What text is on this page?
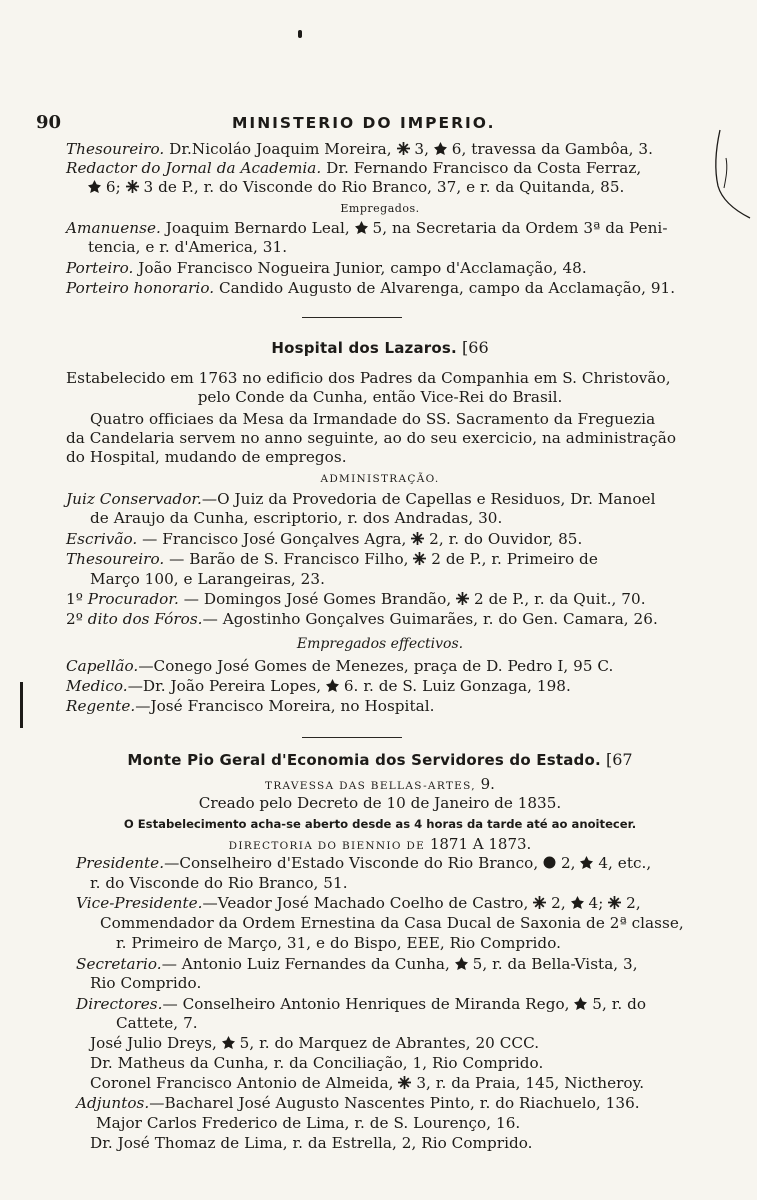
90	MINISTERIO DO IMPERIO.
Thesoureiro. Dr.Nicoláo Joaquim Moreira,  3,  6, travessa da Gambôa, 3.
Redactor do Jornal da Academia. Dr. Fernando Francisco da Costa Ferraz,
6;  3 de P., r. do Visconde do Rio Branco, 37, e r. da Quitanda, 85.
Empregados.
Amanuense. Joaquim Bernardo Leal,  5, na Secretaria da Ordem 3ª da Peni-
tencia, e r. d'America, 31.
Porteiro. João Francisco Nogueira Junior, campo d'Acclamação, 48.
Porteiro honorario. Candido Augusto de Alvarenga, campo da Acclamação, 91.
Hospital dos Lazaros. [66
Estabelecido em 1763 no edificio dos Padres da Companhia em S. Christovão,
pelo Conde da Cunha, então Vice-Rei do Brasil.
Quatro officiaes da Mesa da Irmandade do SS. Sacramento da Freguezia
da Candelaria servem no anno seguinte, ao do seu exercicio, na administração
do Hospital, mudando de empregos.
ADMINISTRAÇÃO.
Juiz Conservador.—O Juiz da Provedoria de Capellas e Residuos, Dr. Manoel
de Araujo da Cunha, escriptorio, r. dos Andradas, 30.
Escrivão. — Francisco José Gonçalves Agra,  2, r. do Ouvidor, 85.
Thesoureiro. — Barão de S. Francisco Filho,  2 de P., r. Primeiro de
Março 100, e Larangeiras, 23.
1º Procurador. — Domingos José Gomes Brandão,  2 de P., r. da Quit., 70.
2º dito dos Fóros.— Agostinho Gonçalves Guimarães, r. do Gen. Camara, 26.
Empregados effectivos.
Capellão.—Conego José Gomes de Menezes, praça de D. Pedro I, 95 C.
Medico.—Dr. João Pereira Lopes,  6. r. de S. Luiz Gonzaga, 198.
Regente.—José Francisco Moreira, no Hospital.
Monte Pio Geral d'Economia dos Servidores do Estado. [67
TRAVESSA DAS BELLAS-ARTES, 9.
Creado pelo Decreto de 10 de Janeiro de 1835.
O Estabelecimento acha-se aberto desde as 4 horas da tarde até ao anoitecer.
DIRECTORIA DO BIENNIO DE 1871 A 1873.
Presidente.—Conselheiro d'Estado Visconde do Rio Branco,  2,  4, etc.,
r. do Visconde do Rio Branco, 51.
Vice-Presidente.—Veador José Machado Coelho de Castro,  2,  4;  2,
Commendador da Ordem Ernestina da Casa Ducal de Saxonia de 2ª classe,
r. Primeiro de Março, 31, e do Bispo, EEE, Rio Comprido.
Secretario.— Antonio Luiz Fernandes da Cunha,  5, r. da Bella-Vista, 3,
Rio Comprido.
Directores.— Conselheiro Antonio Henriques de Miranda Rego,  5, r. do
Cattete, 7.
José Julio Dreys,  5, r. do Marquez de Abrantes, 20 CCC.
Dr. Matheus da Cunha, r. da Conciliação, 1, Rio Comprido.
Coronel Francisco Antonio de Almeida,  3, r. da Praia, 145, Nictheroy.
Adjuntos.—Bacharel José Augusto Nascentes Pinto, r. do Riachuelo, 136.
Major Carlos Frederico de Lima, r. de S. Lourenço, 16.
Dr. José Thomaz de Lima, r. da Estrella, 2, Rio Comprido.
